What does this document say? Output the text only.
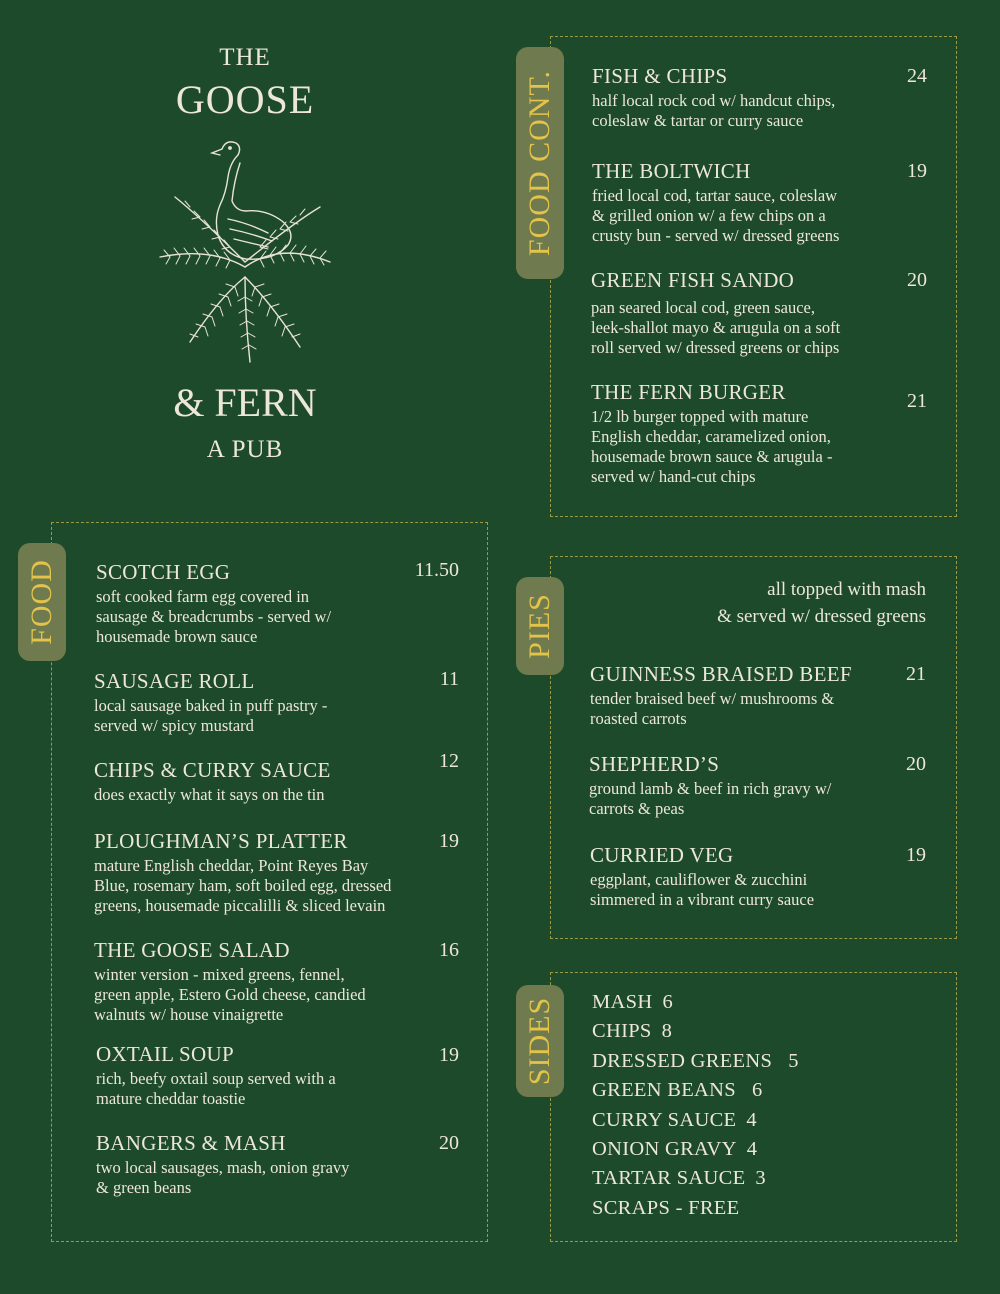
THE
GOOSE
& FERN
A PUB
FOOD CONT. FISH & CHIPS	24
half local rock cod w/ handcut chips,
coleslaw & tartar or curry sauce
THE BOLTWICH	19
fried local cod, tartar sauce, coleslaw
& grilled onion w/ a few chips on a
crusty bun - served w/ dressed greens
GREEN FISH SANDO	20
pan seared local cod, green sauce,
leek-shallot mayo & arugula on a soft
roll served w/ dressed greens or chips
THE FERN BURGER	21
1/2 lb burger topped with mature
English cheddar, caramelized onion,
housemade brown sauce & arugula -
served w/ hand-cut chips
FOOD SCOTCH EGG	11.50
soft cooked farm egg covered in
sausage & breadcrumbs - served w/
housemade brown sauce
SAUSAGE ROLL	11
local sausage baked in puff pastry -
served w/ spicy mustard
CHIPS & CURRY SAUCE	12
does exactly what it says on the tin
PLOUGHMAN’S PLATTER	19
mature English cheddar, Point Reyes Bay
Blue, rosemary ham, soft boiled egg, dressed
greens, housemade piccalilli & sliced levain
THE GOOSE SALAD	16
winter version - mixed greens, fennel,
green apple, Estero Gold cheese, candied
walnuts w/ house vinaigrette
OXTAIL SOUP	19
rich, beefy oxtail soup served with a
mature cheddar toastie
BANGERS & MASH	20
two local sausages, mash, onion gravy
& green beans
PIES
all topped with mash
& served w/ dressed greens
GUINNESS BRAISED BEEF	21
tender braised beef w/ mushrooms &
roasted carrots
SHEPHERD’S	20
ground lamb & beef in rich gravy w/
carrots & peas
CURRIED VEG	19
eggplant, cauliflower & zucchini
simmered in a vibrant curry sauce
SIDES MASH 6
CHIPS 8
DRESSED GREENS 5
GREEN BEANS 6
CURRY SAUCE 4
ONION GRAVY 4
TARTAR SAUCE 3
SCRAPS - FREE
